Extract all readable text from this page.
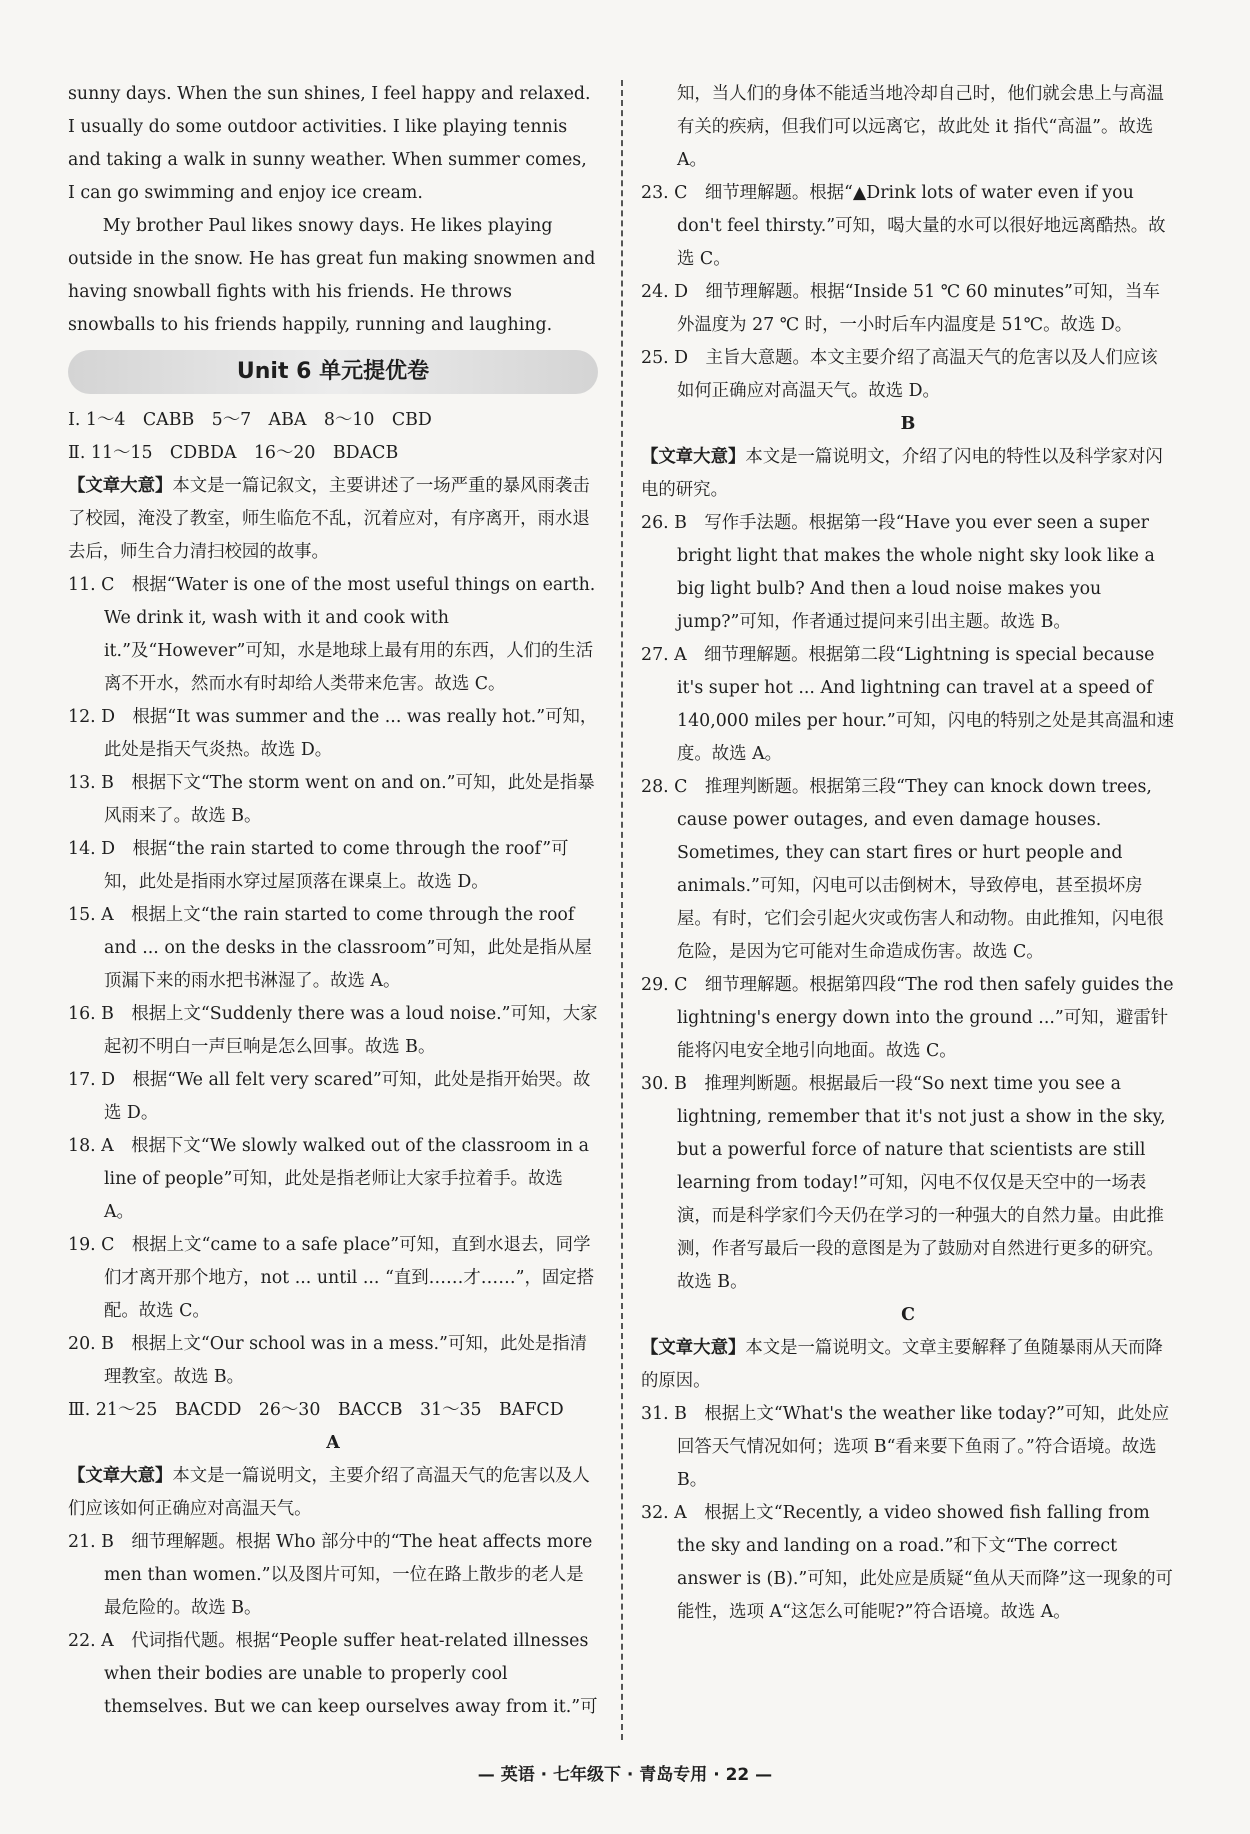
sunny days. When the sun shines, I feel happy and relaxed. I usually do some outdoor activities. I like playing tennis and taking a walk in sunny weather. When summer comes, I can go swimming and enjoy ice cream.

My brother Paul likes snowy days. He likes playing outside in the snow. He has great fun making snowmen and having snowball fights with his friends. He throws snowballs to his friends happily, running and laughing.

Unit 6 单元提优卷

Ⅰ. 1～4　CABB　5～7　ABA　8～10　CBD

Ⅱ. 11～15　CDBDA　16～20　BDACB

【文章大意】本文是一篇记叙文，主要讲述了一场严重的暴风雨袭击了校园，淹没了教室，师生临危不乱，沉着应对，有序离开，雨水退去后，师生合力清扫校园的故事。

11. C　根据“Water is one of the most useful things on earth. We drink it, wash with it and cook with it.”及“However”可知，水是地球上最有用的东西，人们的生活离不开水，然而水有时却给人类带来危害。故选 C。

12. D　根据“It was summer and the ... was really hot.”可知，此处是指天气炎热。故选 D。

13. B　根据下文“The storm went on and on.”可知，此处是指暴风雨来了。故选 B。

14. D　根据“the rain started to come through the roof”可知，此处是指雨水穿过屋顶落在课桌上。故选 D。

15. A　根据上文“the rain started to come through the roof and ... on the desks in the classroom”可知，此处是指从屋顶漏下来的雨水把书淋湿了。故选 A。

16. B　根据上文“Suddenly there was a loud noise.”可知，大家起初不明白一声巨响是怎么回事。故选 B。

17. D　根据“We all felt very scared”可知，此处是指开始哭。故选 D。

18. A　根据下文“We slowly walked out of the classroom in a line of people”可知，此处是指老师让大家手拉着手。故选 A。

19. C　根据上文“came to a safe place”可知，直到水退去，同学们才离开那个地方，not ... until ... “直到……才……”，固定搭配。故选 C。

20. B　根据上文“Our school was in a mess.”可知，此处是指清理教室。故选 B。

Ⅲ. 21～25　BACDD　26～30　BACCB　31～35　BAFCD

A

【文章大意】本文是一篇说明文，主要介绍了高温天气的危害以及人们应该如何正确应对高温天气。

21. B　细节理解题。根据 Who 部分中的“The heat affects more men than women.”以及图片可知，一位在路上散步的老人是最危险的。故选 B。

22. A　代词指代题。根据“People suffer heat-related illnesses when their bodies are unable to properly cool themselves. But we can keep ourselves away from it.”可

知，当人们的身体不能适当地冷却自己时，他们就会患上与高温有关的疾病，但我们可以远离它，故此处 it 指代“高温”。故选 A。

23. C　细节理解题。根据“▲Drink lots of water even if you don't feel thirsty.”可知，喝大量的水可以很好地远离酷热。故选 C。

24. D　细节理解题。根据“Inside 51 ℃ 60 minutes”可知，当车外温度为 27 ℃ 时，一小时后车内温度是 51℃。故选 D。

25. D　主旨大意题。本文主要介绍了高温天气的危害以及人们应该如何正确应对高温天气。故选 D。

B

【文章大意】本文是一篇说明文，介绍了闪电的特性以及科学家对闪电的研究。

26. B　写作手法题。根据第一段“Have you ever seen a super bright light that makes the whole night sky look like a big light bulb? And then a loud noise makes you jump?”可知，作者通过提问来引出主题。故选 B。

27. A　细节理解题。根据第二段“Lightning is special because it's super hot ... And lightning can travel at a speed of 140,000 miles per hour.”可知，闪电的特别之处是其高温和速度。故选 A。

28. C　推理判断题。根据第三段“They can knock down trees, cause power outages, and even damage houses. Sometimes, they can start fires or hurt people and animals.”可知，闪电可以击倒树木，导致停电，甚至损坏房屋。有时，它们会引起火灾或伤害人和动物。由此推知，闪电很危险，是因为它可能对生命造成伤害。故选 C。

29. C　细节理解题。根据第四段“The rod then safely guides the lightning's energy down into the ground ...”可知，避雷针能将闪电安全地引向地面。故选 C。

30. B　推理判断题。根据最后一段“So next time you see a lightning, remember that it's not just a show in the sky, but a powerful force of nature that scientists are still learning from today!”可知，闪电不仅仅是天空中的一场表演，而是科学家们今天仍在学习的一种强大的自然力量。由此推测，作者写最后一段的意图是为了鼓励对自然进行更多的研究。故选 B。

C

【文章大意】本文是一篇说明文。文章主要解释了鱼随暴雨从天而降的原因。

31. B　根据上文“What's the weather like today?”可知，此处应回答天气情况如何；选项 B“看来要下鱼雨了。”符合语境。故选 B。

32. A　根据上文“Recently, a video showed fish falling from the sky and landing on a road.”和下文“The correct answer is (B).”可知，此处应是质疑“鱼从天而降”这一现象的可能性，选项 A“这怎么可能呢?”符合语境。故选 A。

— 英语 · 七年级下 · 青岛专用 · 22 —
